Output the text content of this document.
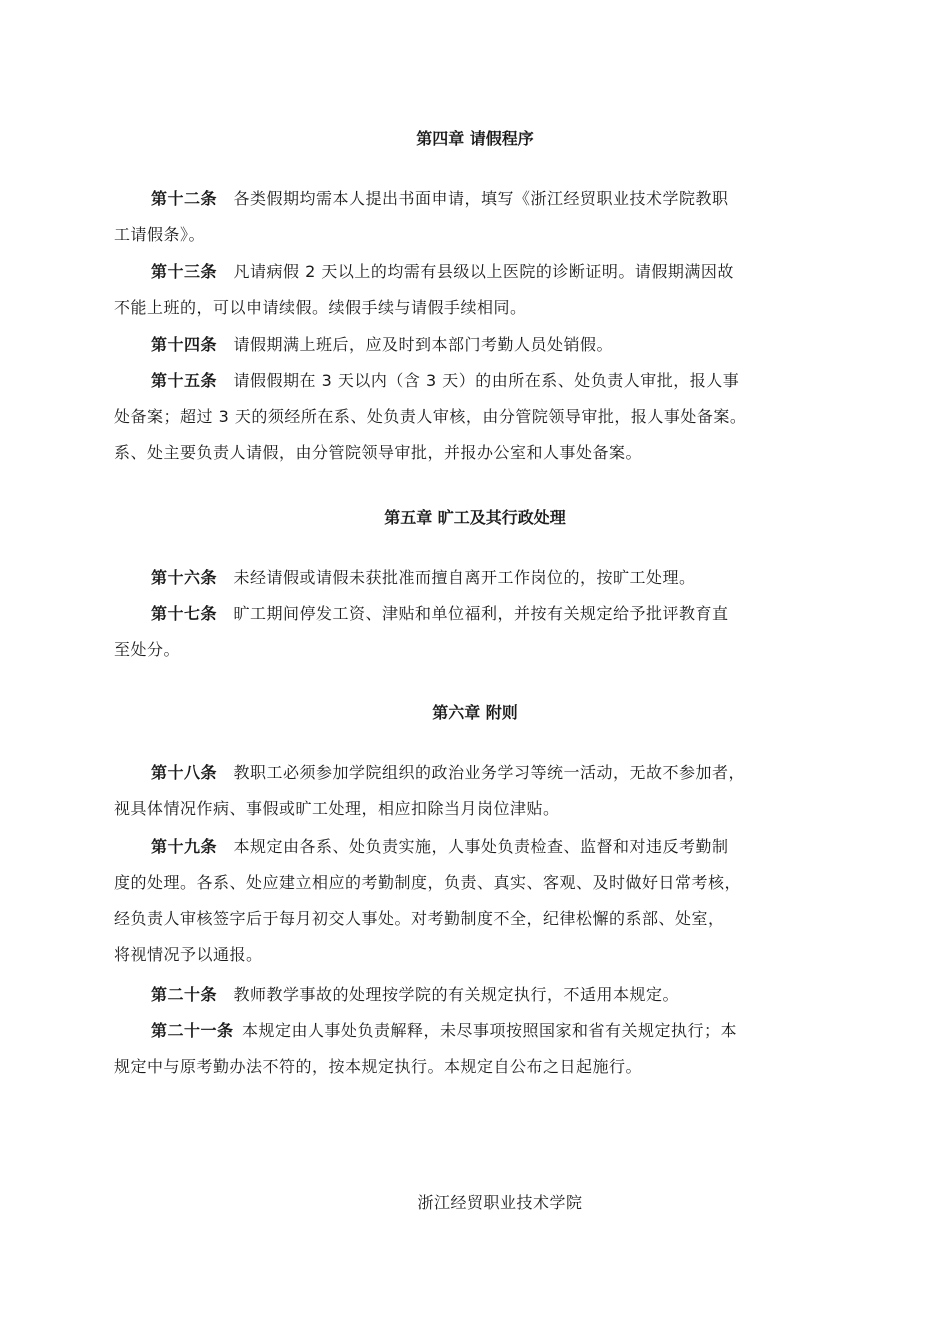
第四章 请假程序
第十二条  各类假期均需本人提出书面申请，填写《浙江经贸职业技术学院教职
工请假条》。
第十三条  凡请病假 2 天以上的均需有县级以上医院的诊断证明。请假期满因故
不能上班的，可以申请续假。续假手续与请假手续相同。
第十四条  请假期满上班后，应及时到本部门考勤人员处销假。
第十五条  请假假期在 3 天以内（含 3 天）的由所在系、处负责人审批，报人事
处备案；超过 3 天的须经所在系、处负责人审核，由分管院领导审批，报人事处备案。
系、处主要负责人请假，由分管院领导审批，并报办公室和人事处备案。
第五章 旷工及其行政处理
第十六条  未经请假或请假未获批准而擅自离开工作岗位的，按旷工处理。
第十七条  旷工期间停发工资、津贴和单位福利，并按有关规定给予批评教育直
至处分。
第六章 附则
第十八条  教职工必须参加学院组织的政治业务学习等统一活动，无故不参加者，
视具体情况作病、事假或旷工处理，相应扣除当月岗位津贴。
第十九条  本规定由各系、处负责实施，人事处负责检查、监督和对违反考勤制
度的处理。各系、处应建立相应的考勤制度，负责、真实、客观、及时做好日常考核，
经负责人审核签字后于每月初交人事处。对考勤制度不全，纪律松懈的系部、处室，
将视情况予以通报。
第二十条  教师教学事故的处理按学院的有关规定执行，不适用本规定。
第二十一条  本规定由人事处负责解释，未尽事项按照国家和省有关规定执行；本
规定中与原考勤办法不符的，按本规定执行。本规定自公布之日起施行。
浙江经贸职业技术学院
